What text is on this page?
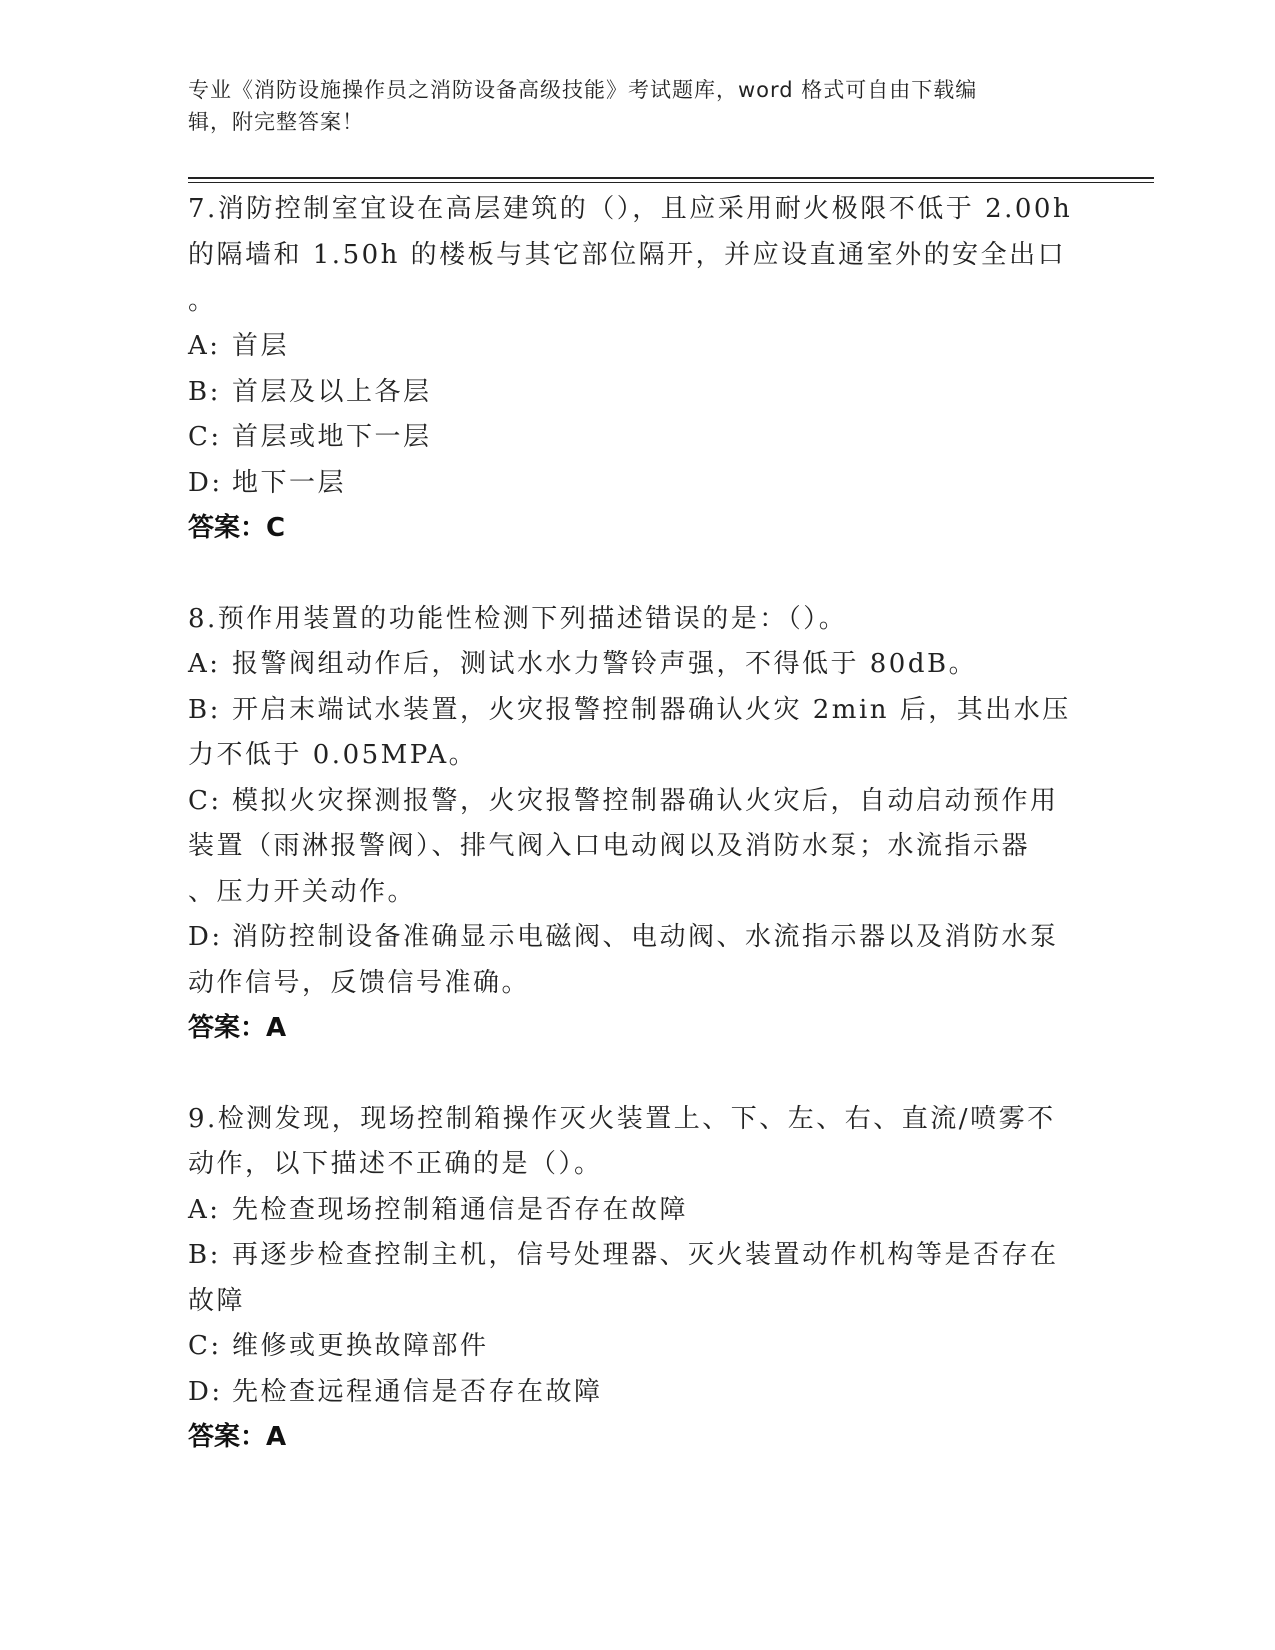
专业《消防设施操作员之消防设备高级技能》考试题库，word 格式可自由下载编
辑，附完整答案！
7.消防控制室宜设在高层建筑的（），且应采用耐火极限不低于 2.00h
的隔墙和 1.50h 的楼板与其它部位隔开，并应设直通室外的安全出口
。
A: 首层
B: 首层及以上各层
C: 首层或地下一层
D: 地下一层
答案：C
8.预作用装置的功能性检测下列描述错误的是：（）。
A: 报警阀组动作后，测试水水力警铃声强，不得低于 80dB。
B: 开启末端试水装置，火灾报警控制器确认火灾 2min 后，其出水压
力不低于 0.05MPA。
C: 模拟火灾探测报警，火灾报警控制器确认火灾后，自动启动预作用
装置（雨淋报警阀）、排气阀入口电动阀以及消防水泵；水流指示器
、压力开关动作。
D: 消防控制设备准确显示电磁阀、电动阀、水流指示器以及消防水泵
动作信号，反馈信号准确。
答案：A
9.检测发现，现场控制箱操作灭火装置上、下、左、右、直流/喷雾不
动作，以下描述不正确的是（）。
A: 先检查现场控制箱通信是否存在故障
B: 再逐步检查控制主机，信号处理器、灭火装置动作机构等是否存在
故障
C: 维修或更换故障部件
D: 先检查远程通信是否存在故障
答案：A
